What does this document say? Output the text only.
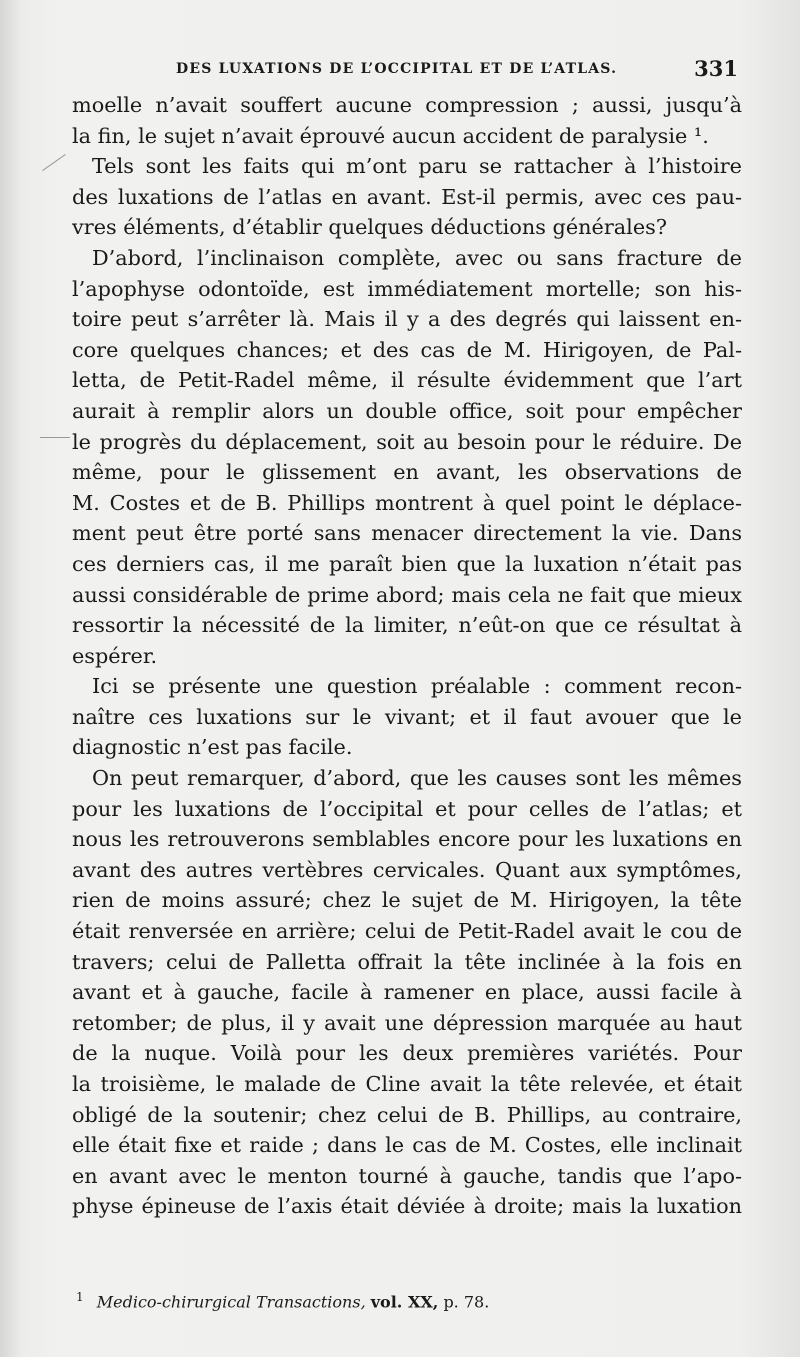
DES LUXATIONS DE L’OCCIPITAL ET DE L’ATLAS.	331
moelle n’avait souffert aucune compression ; aussi, jusqu’à
la fin, le sujet n’avait éprouvé aucun accident de paralysie ¹.
Tels sont les faits qui m’ont paru se rattacher à l’histoire
des luxations de l’atlas en avant. Est-il permis, avec ces pau-
vres éléments, d’établir quelques déductions générales?
D’abord, l’inclinaison complète, avec ou sans fracture de
l’apophyse odontoïde, est immédiatement mortelle; son his-
toire peut s’arrêter là. Mais il y a des degrés qui laissent en-
core quelques chances; et des cas de M. Hirigoyen, de Pal-
letta, de Petit-Radel même, il résulte évidemment que l’art
aurait à remplir alors un double office, soit pour empêcher
le progrès du déplacement, soit au besoin pour le réduire. De
même, pour le glissement en avant, les observations de
M. Costes et de B. Phillips montrent à quel point le déplace-
ment peut être porté sans menacer directement la vie. Dans
ces derniers cas, il me paraît bien que la luxation n’était pas
aussi considérable de prime abord; mais cela ne fait que mieux
ressortir la nécessité de la limiter, n’eût-on que ce résultat à
espérer.
Ici se présente une question préalable : comment recon-
naître ces luxations sur le vivant; et il faut avouer que le
diagnostic n’est pas facile.
On peut remarquer, d’abord, que les causes sont les mêmes
pour les luxations de l’occipital et pour celles de l’atlas; et
nous les retrouverons semblables encore pour les luxations en
avant des autres vertèbres cervicales. Quant aux symptômes,
rien de moins assuré; chez le sujet de M. Hirigoyen, la tête
était renversée en arrière; celui de Petit-Radel avait le cou de
travers; celui de Palletta offrait la tête inclinée à la fois en
avant et à gauche, facile à ramener en place, aussi facile à
retomber; de plus, il y avait une dépression marquée au haut
de la nuque. Voilà pour les deux premières variétés. Pour
la troisième, le malade de Cline avait la tête relevée, et était
obligé de la soutenir; chez celui de B. Phillips, au contraire,
elle était fixe et raide ; dans le cas de M. Costes, elle inclinait
en avant avec le menton tourné à gauche, tandis que l’apo-
physe épineuse de l’axis était déviée à droite; mais la luxation
$^1$ Medico-chirurgical Transactions, vol. XX, p. 78.
